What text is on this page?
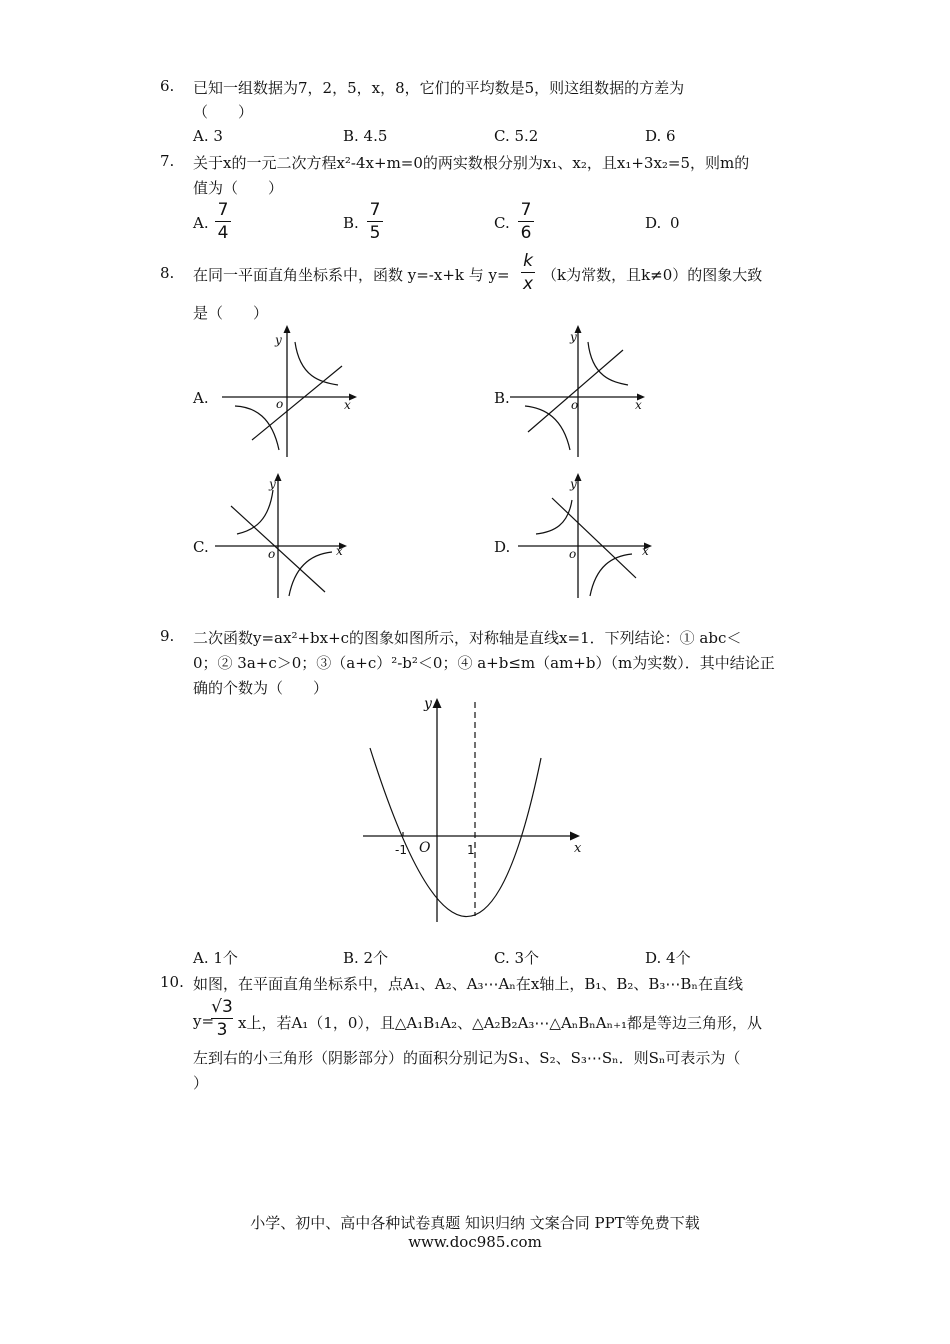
6. 已知一组数据为7，2，5，x，8，它们的平均数是5，则这组数据的方差为
（　　）
A. 3	B. 4.5	C. 5.2	D. 6
7. 关于x的一元二次方程x²-4x+m=0的两实数根分别为x₁、x₂，且x₁+3x₂=5，则m的
值为（　　）
A.
7
4	B.
7
5	C.
7
6	D. 0
8. 在同一平面直角坐标系中，函数 y=-x+k 与 y=
k
x （k为常数，且k≠0）的图象大致
是（　　）
A.	x
y
o	B.	x
y
o
C.	x
y
o	D.	x
y
o
9. 二次函数y=ax²+bx+c的图象如图所示，对称轴是直线x=1．下列结论：① abc＜
0；② 3a+c＞0；③（a+c）²-b²＜0；④ a+b≤m（am+b）（m为实数）．其中结论正
确的个数为（　　）
x
y
O
-1	1
A. 1个	B. 2个	C. 3个	D. 4个
10. 如图，在平面直角坐标系中，点A₁、A₂、A₃⋯Aₙ在x轴上，B₁、B₂、B₃⋯Bₙ在直线
y=
√3
3 x上，若A₁（1，0），且△A₁B₁A₂、△A₂B₂A₃⋯△AₙBₙAₙ₊₁都是等边三角形，从
左到右的小三角形（阴影部分）的面积分别记为S₁、S₂、S₃⋯Sₙ．则Sₙ可表示为（
）
小学、初中、高中各种试卷真题 知识归纳 文案合同 PPT等免费下载
www.doc985.com
